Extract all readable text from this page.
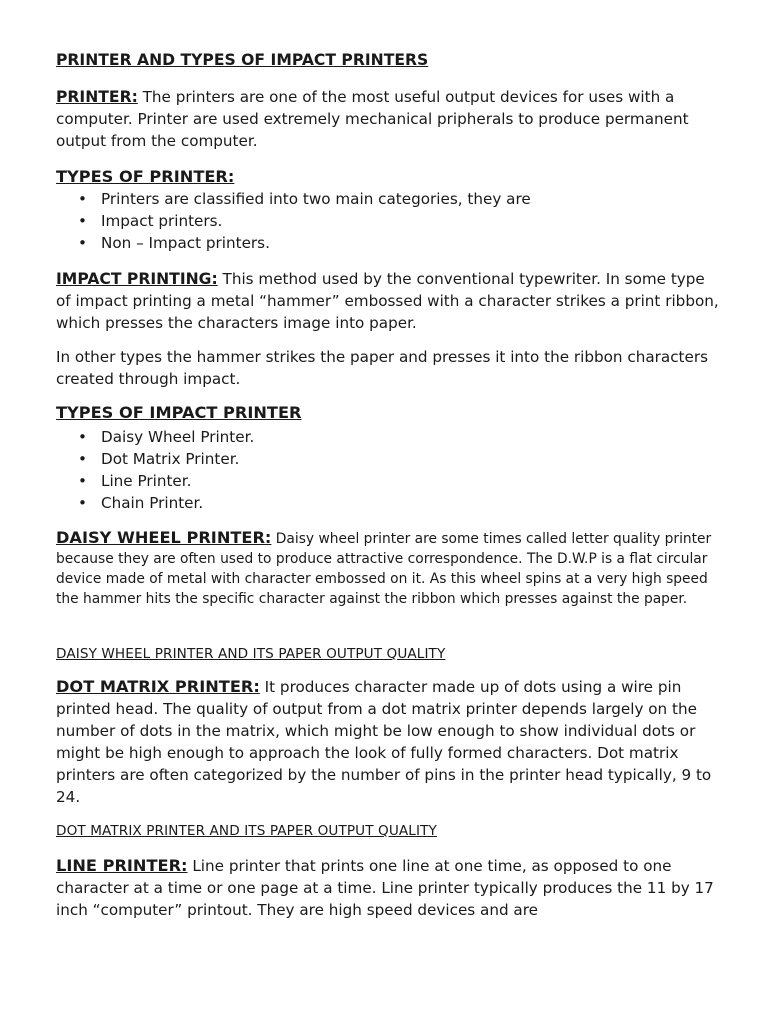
PRINTER AND TYPES OF IMPACT PRINTERS

PRINTER: The printers are one of the most useful output devices for uses with a computer. Printer are used extremely mechanical pripherals to produce permanent output from the computer.

TYPES OF PRINTER:
• Printers are classified into two main categories, they are
• Impact printers.
• Non – Impact printers.

IMPACT PRINTING: This method used by the conventional typewriter. In some type of impact printing a metal “hammer” embossed with a character strikes a print ribbon, which presses the characters image into paper.

In other types the hammer strikes the paper and presses it into the ribbon characters created through impact.

TYPES OF IMPACT PRINTER
• Daisy Wheel Printer.
• Dot Matrix Printer.
• Line Printer.
• Chain Printer.

DAISY WHEEL PRINTER: Daisy wheel printer are some times called letter quality printer because they are often used to produce attractive correspondence. The D.W.P is a flat circular device made of metal with character embossed on it. As this wheel spins at a very high speed the hammer hits the specific character against the ribbon which presses against the paper.

DAISY WHEEL PRINTER AND ITS PAPER OUTPUT QUALITY

DOT MATRIX PRINTER: It produces character made up of dots using a wire pin printed head. The quality of output from a dot matrix printer depends largely on the number of dots in the matrix, which might be low enough to show individual dots or might be high enough to approach the look of fully formed characters. Dot matrix printers are often categorized by the number of pins in the printer head typically, 9 to 24.

DOT MATRIX PRINTER AND ITS PAPER OUTPUT QUALITY

LINE PRINTER: Line printer that prints one line at one time, as opposed to one character at a time or one page at a time. Line printer typically produces the 11 by 17 inch “computer” printout. They are high speed devices and are
